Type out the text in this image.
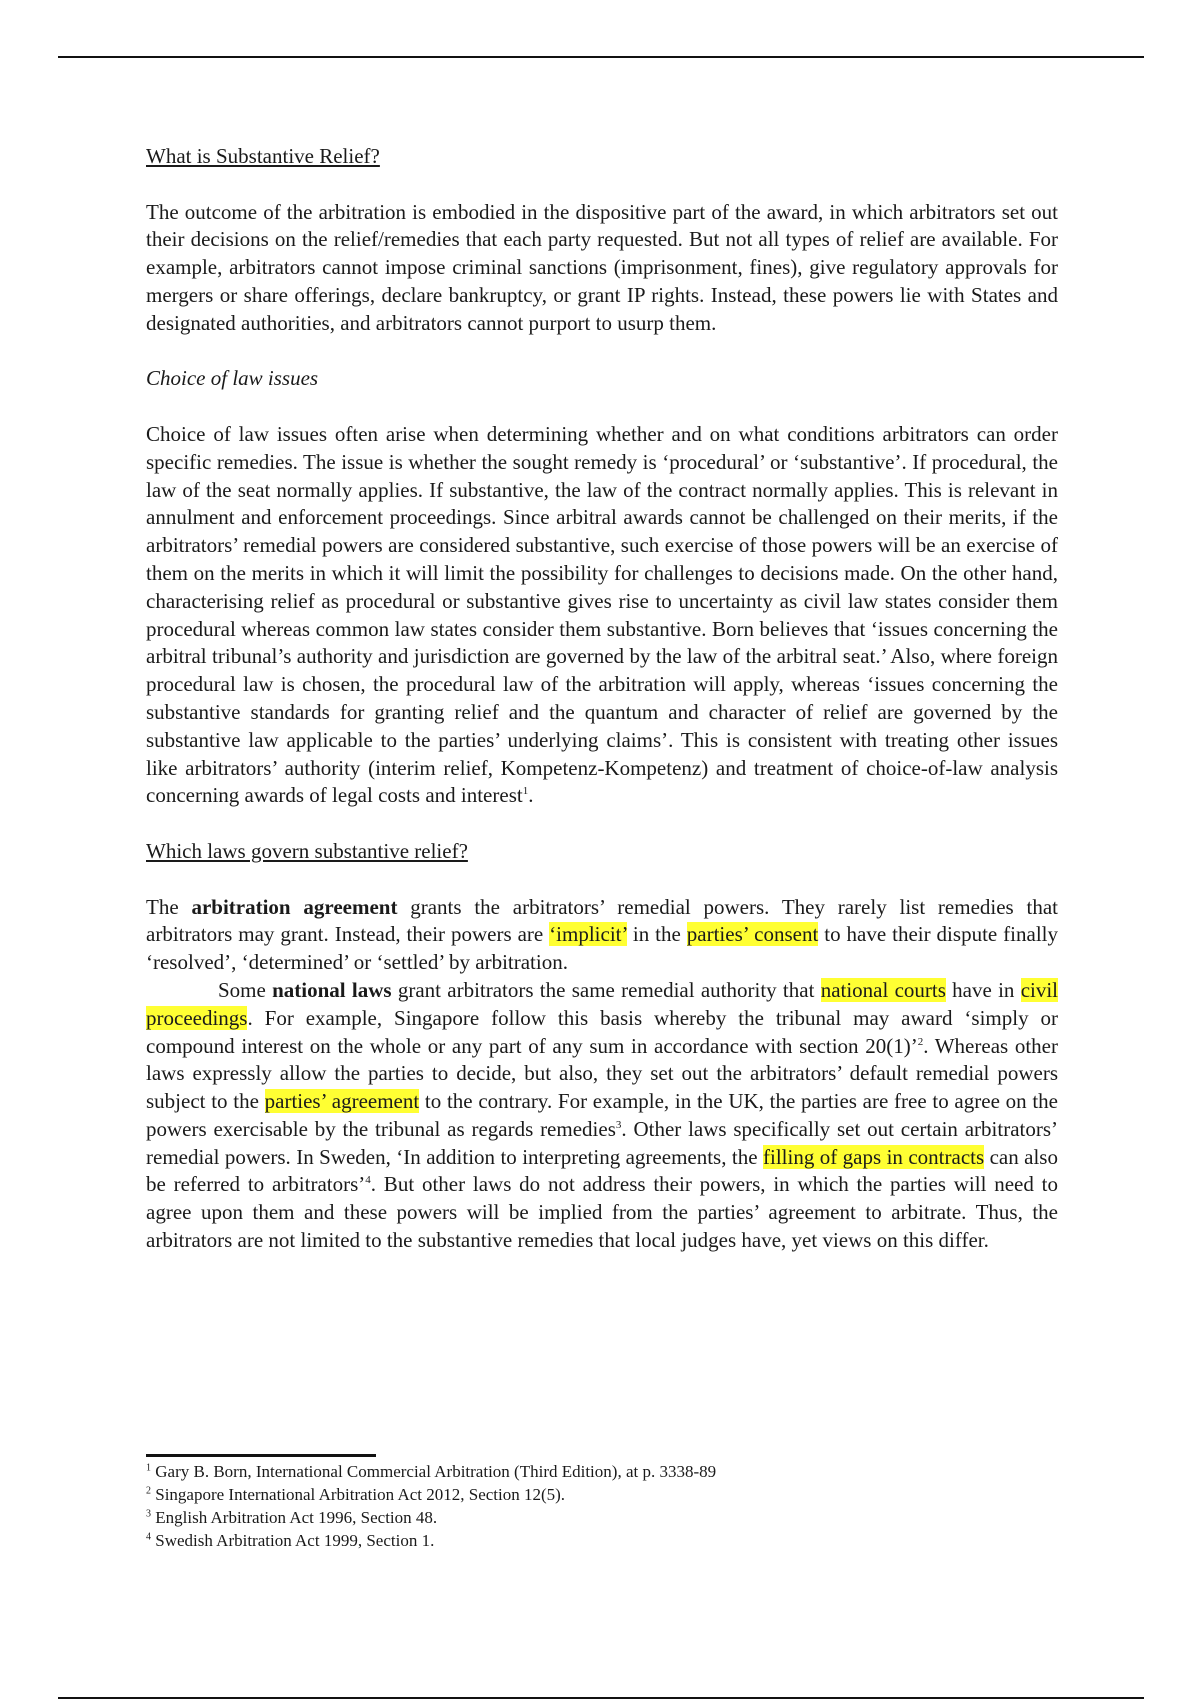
What is Substantive Relief?

The outcome of the arbitration is embodied in the dispositive part of the award, in which arbitrators set out their decisions on the relief/remedies that each party requested. But not all types of relief are available. For example, arbitrators cannot impose criminal sanctions (imprisonment, fines), give regulatory approvals for mergers or share offerings, declare bankruptcy, or grant IP rights. Instead, these powers lie with States and designated authorities, and arbitrators cannot purport to usurp them.

Choice of law issues

Choice of law issues often arise when determining whether and on what conditions arbitrators can order specific remedies. The issue is whether the sought remedy is ‘procedural’ or ‘substantive’. If procedural, the law of the seat normally applies. If substantive, the law of the contract normally applies. This is relevant in annulment and enforcement proceedings. Since arbitral awards cannot be challenged on their merits, if the arbitrators’ remedial powers are considered substantive, such exercise of those powers will be an exercise of them on the merits in which it will limit the possibility for challenges to decisions made. On the other hand, characterising relief as procedural or substantive gives rise to uncertainty as civil law states consider them procedural whereas common law states consider them substantive. Born believes that ‘issues concerning the arbitral tribunal’s authority and jurisdiction are governed by the law of the arbitral seat.’ Also, where foreign procedural law is chosen, the procedural law of the arbitration will apply, whereas ‘issues concerning the substantive standards for granting relief and the quantum and character of relief are governed by the substantive law applicable to the parties’ underlying claims’. This is consistent with treating other issues like arbitrators’ authority (interim relief, Kompetenz-Kompetenz) and treatment of choice-of-law analysis concerning awards of legal costs and interest$^1$.

Which laws govern substantive relief?

The arbitration agreement grants the arbitrators’ remedial powers. They rarely list remedies that arbitrators may grant. Instead, their powers are ‘implicit’ in the parties’ consent to have their dispute finally ‘resolved’, ‘determined’ or ‘settled’ by arbitration.

Some national laws grant arbitrators the same remedial authority that national courts have in civil proceedings. For example, Singapore follow this basis whereby the tribunal may award ‘simply or compound interest on the whole or any part of any sum in accordance with section 20(1)’$^2$. Whereas other laws expressly allow the parties to decide, but also, they set out the arbitrators’ default remedial powers subject to the parties’ agreement to the contrary. For example, in the UK, the parties are free to agree on the powers exercisable by the tribunal as regards remedies$^3$. Other laws specifically set out certain arbitrators’ remedial powers. In Sweden, ‘In addition to interpreting agreements, the filling of gaps in contracts can also be referred to arbitrators’$^4$. But other laws do not address their powers, in which the parties will need to agree upon them and these powers will be implied from the parties’ agreement to arbitrate. Thus, the arbitrators are not limited to the substantive remedies that local judges have, yet views on this differ.

$^1$ Gary B. Born, International Commercial Arbitration (Third Edition), at p. 3338-89

$^2$ Singapore International Arbitration Act 2012, Section 12(5).

$^3$ English Arbitration Act 1996, Section 48.

$^4$ Swedish Arbitration Act 1999, Section 1.
